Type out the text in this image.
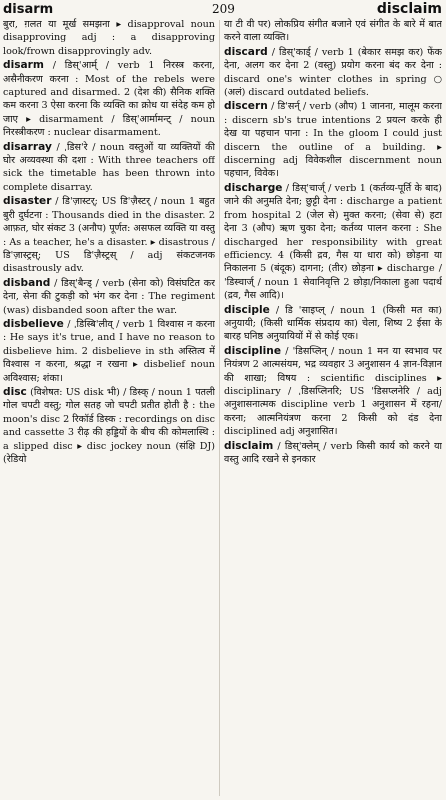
disarm	209	disclaim
बुरा, ग़लत या मूर्ख समझना ▸ disapproval noun disapproving adj : a disapproving look/frown disapprovingly adv.
disarm / डिस्'आर्म् / verb 1 निरस्त्र करना, असैनीकरण करना : Most of the rebels were captured and disarmed. 2 (देश की) सैनिक शक्ति कम करना 3 ऐसा करना कि व्यक्ति का क्रोध या संदेह कम हो जाए ▸ disarmament / डिस्'आर्मामन्ट् / noun निरस्त्रीकरण : nuclear disarmament.
disarray / ˌडिस'रे / noun वस्तुओं या व्यक्तियों की घोर अव्यवस्था की दशा : With three teachers off sick the timetable has been thrown into complete disarray.
disaster / डि'ज़ास्टर्; US डि'ज़ैस्टर् / noun 1 बहुत बुरी दुर्घटना : Thousands died in the disaster. 2 आफ़त, घोर संकट 3 (अनौप) पूर्णत: असफल व्यक्ति या वस्तु : As a teacher, he's a disaster. ▸ disastrous / डि'ज़ास्ट्रस्; US डि'ज़ैस्ट्रस् / adj संकटजनक disastrously adv.
disband / डिस्'बैन्ड् / verb (सेना को) विसंघटित कर देना, सेना की टुकड़ी को भंग कर देना : The regiment (was) disbanded soon after the war.
disbelieve / ˌडिस्बि'लीव् / verb 1 विश्वास न करना : He says it's true, and I have no reason to disbelieve him. 2 disbelieve in sth अस्तित्व में विश्वास न करना, श्रद्धा न रखना ▸ disbelief noun अविश्वास; शंका।
disc (विशेषत: US disk भी) / डिस्क् / noun 1 पतली गोल चपटी वस्तु; गोल सतह जो चपटी प्रतीत होती है : the moon's disc 2 रिकॉर्ड डिस्क : recordings on disc and cassette 3 रीढ़ की हड्डियों के बीच की कोमलास्थि : a slipped disc ▸ disc jockey noun (संक्षि DJ) (रेडियो
या टी वी पर) लोकप्रिय संगीत बजाने एवं संगीत के बारे में बात करने वाला व्यक्ति।
discard / डिस्'कार्ड् / verb 1 (बेकार समझ कर) फेंक देना, अलग कर देना 2 (वस्तु) प्रयोग करना बंद कर देना : discard one's winter clothes in spring ○ (अलं) discard outdated beliefs.
discern / डि'सर्न् / verb (औप) 1 जानना, मालूम करना : discern sb's true intentions 2 प्रयत्न करके ही देख या पहचान पाना : In the gloom I could just discern the outline of a building. ▸ discerning adj विवेकशील discernment noun पहचान, विवेक।
discharge / डिस्'चार्ज् / verb 1 (कर्तव्य-पूर्ति के बाद) जाने की अनुमति देना; छुट्टी देना : discharge a patient from hospital 2 (जेल से) मुक्त करना; (सेवा से) हटा देना 3 (औप) ऋण चुका देना; कर्तव्य पालन करना : She discharged her responsibility with great efficiency. 4 (किसी द्रव, गैस या धारा को) छोड़ना या निकालना 5 (बंदूक) दागना; (तीर) छोड़ना ▸ discharge / 'डिस्चार्ज् / noun 1 सेवानिवृत्ति 2 छोड़ा/निकाला हुआ पदार्थ (द्रव, गैस आदि)।
disciple / डि 'साइप्ल् / noun 1 (किसी मत का) अनुयायी; (किसी धार्मिक संप्रदाय का) चेला, शिष्य 2 ईसा के बारह घनिष्ठ अनुयायियों में से कोई एक।
discipline / 'डिसप्लिन् / noun 1 मन या स्वभाव पर नियंत्रण 2 आत्मसंयम, भद्र व्यवहार 3 अनुशासन 4 ज्ञान-विज्ञान की शाखा; विषय : scientific disciplines ▸ disciplinary / ˌडिसप्लिनरि; US 'डिसप्लनेरि / adj अनुशासनात्मक discipline verb 1 अनुशासन में रहना/करना; आत्मनियंत्रण करना 2 किसी को दंड देना disciplined adj अनुशासित।
disclaim / डिस्'क्लेम् / verb किसी कार्य को करने या वस्तु आदि रखने से इनकार
